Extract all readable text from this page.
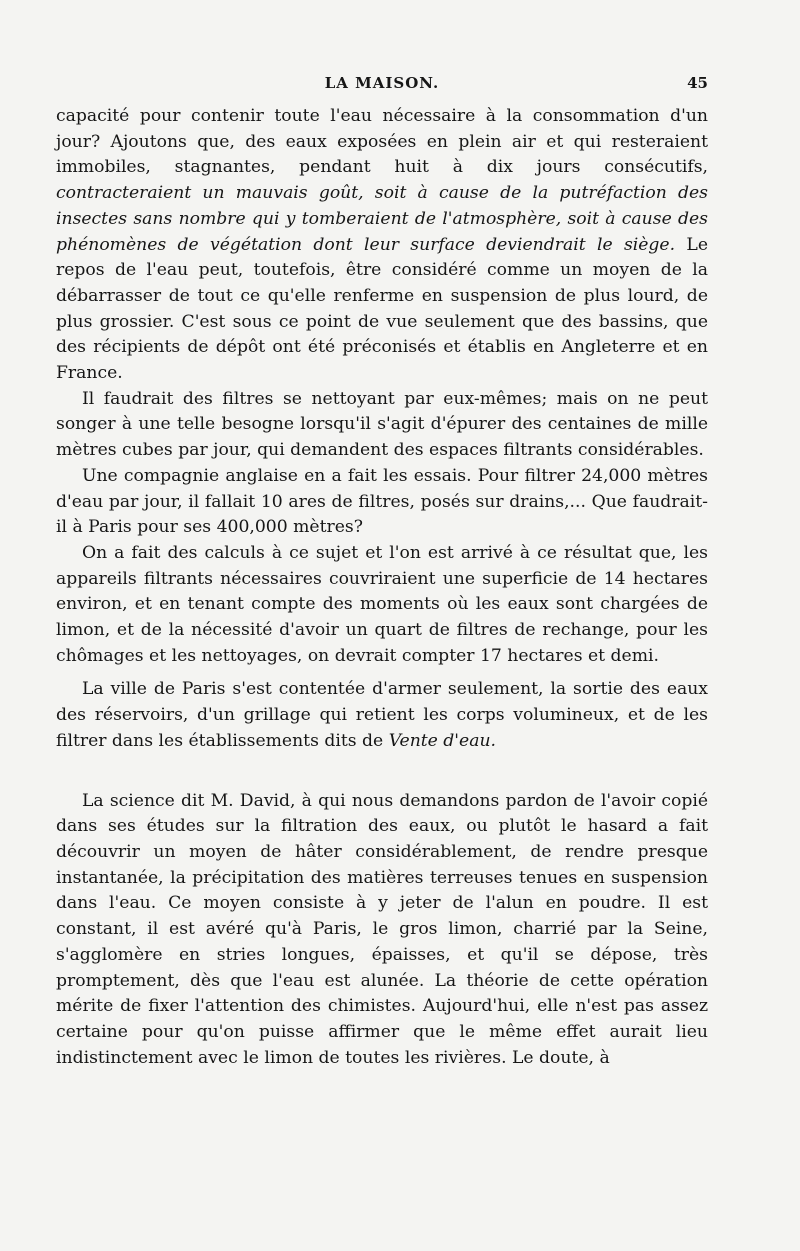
LA MAISON.	45

capacité pour contenir toute l'eau nécessaire à la consommation d'un jour? Ajoutons que, des eaux exposées en plein air et qui resteraient immobiles, stagnantes, pendant huit à dix jours consécutifs, contracteraient un mauvais goût, soit à cause de la putréfaction des insectes sans nombre qui y tomberaient de l'atmosphère, soit à cause des phénomènes de végétation dont leur surface deviendrait le siège. Le repos de l'eau peut, toutefois, être considéré comme un moyen de la débarrasser de tout ce qu'elle renferme en suspension de plus lourd, de plus grossier. C'est sous ce point de vue seulement que des bassins, que des récipients de dépôt ont été préconisés et établis en Angleterre et en France.

Il faudrait des filtres se nettoyant par eux-mêmes; mais on ne peut songer à une telle besogne lorsqu'il s'agit d'épurer des centaines de mille mètres cubes par jour, qui demandent des espaces filtrants considérables.

Une compagnie anglaise en a fait les essais. Pour filtrer 24,000 mètres d'eau par jour, il fallait 10 ares de filtres, posés sur drains,... Que faudrait-il à Paris pour ses 400,000 mètres?

On a fait des calculs à ce sujet et l'on est arrivé à ce résultat que, les appareils filtrants nécessaires couvriraient une superficie de 14 hectares environ, et en tenant compte des moments où les eaux sont chargées de limon, et de la nécessité d'avoir un quart de filtres de rechange, pour les chômages et les nettoyages, on devrait compter 17 hectares et demi.

La ville de Paris s'est contentée d'armer seulement, la sortie des eaux des réservoirs, d'un grillage qui retient les corps volumineux, et de les filtrer dans les établissements dits de Vente d'eau.

La science dit M. David, à qui nous demandons pardon de l'avoir copié dans ses études sur la filtration des eaux, ou plutôt le hasard a fait découvrir un moyen de hâter considérablement, de rendre presque instantanée, la précipitation des matières terreuses tenues en suspension dans l'eau. Ce moyen consiste à y jeter de l'alun en poudre. Il est constant, il est avéré qu'à Paris, le gros limon, charrié par la Seine, s'agglomère en stries longues, épaisses, et qu'il se dépose, très promptement, dès que l'eau est alunée. La théorie de cette opération mérite de fixer l'attention des chimistes. Aujourd'hui, elle n'est pas assez certaine pour qu'on puisse affirmer que le même effet aurait lieu indistinctement avec le limon de toutes les rivières. Le doute, à
